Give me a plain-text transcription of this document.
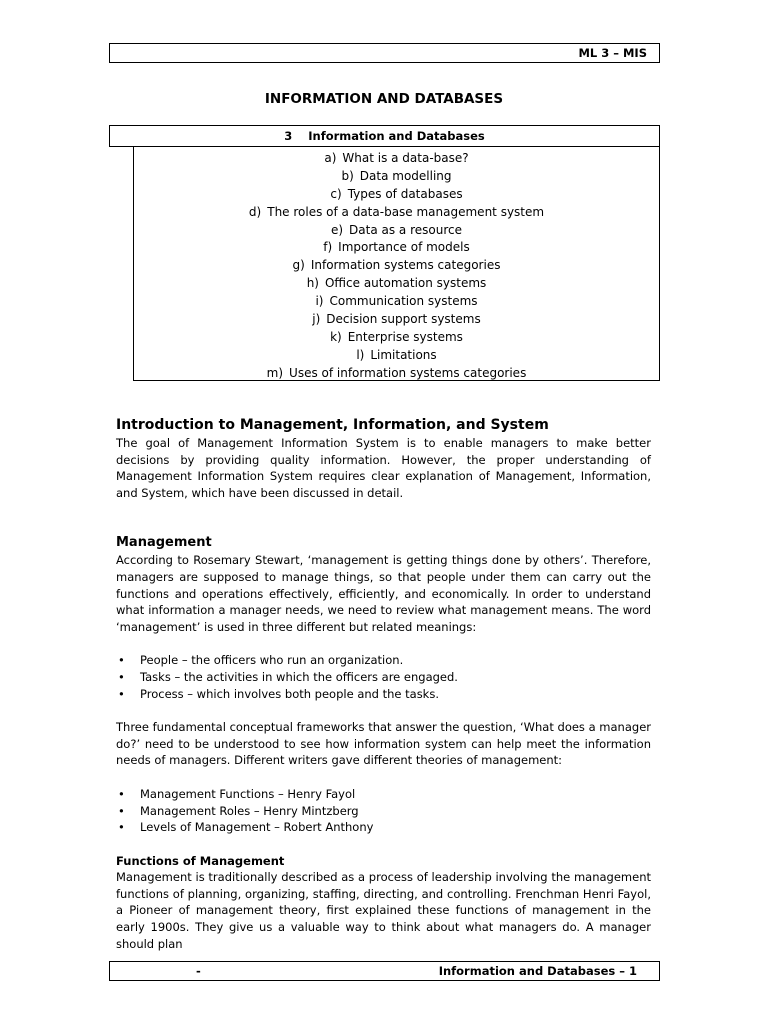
ML 3 – MIS
INFORMATION AND DATABASES
3 Information and Databases
a) What is a data-base?
b) Data modelling
c) Types of databases
d) The roles of a data-base management system
e) Data as a resource
f) Importance of models
g) Information systems categories
h) Office automation systems
i) Communication systems
j) Decision support systems
k) Enterprise systems
l) Limitations
m) Uses of information systems categories
Introduction to Management, Information, and System

The goal of Management Information System is to enable managers to make better decisions by providing quality information. However, the proper understanding of Management Information System requires clear explanation of Management, Information, and System, which have been discussed in detail.

Management

According to Rosemary Stewart, ‘management is getting things done by others’. Therefore, managers are supposed to manage things, so that people under them can carry out the functions and operations effectively, efficiently, and economically. In order to understand what information a manager needs, we need to review what management means. The word ‘management’ is used in three different but related meanings:

• People – the officers who run an organization.
• Tasks – the activities in which the officers are engaged.
• Process – which involves both people and the tasks.

Three fundamental conceptual frameworks that answer the question, ‘What does a manager do?’ need to be understood to see how information system can help meet the information needs of managers. Different writers gave different theories of management:

• Management Functions – Henry Fayol
• Management Roles – Henry Mintzberg
• Levels of Management – Robert Anthony
Functions of Management

Management is traditionally described as a process of leadership involving the management functions of planning, organizing, staffing, directing, and controlling. Frenchman Henri Fayol, a Pioneer of management theory, first explained these functions of management in the early 1900s. They give us a valuable way to think about what managers do. A manager should plan

-	Information and Databases – 1
